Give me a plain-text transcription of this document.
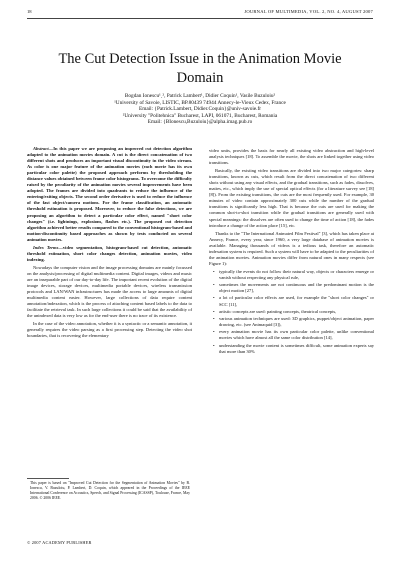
18	JOURNAL OF MULTIMEDIA, VOL. 2, NO. 4, AUGUST 2007
The Cut Detection Issue in the Animation Movie
Domain
Bogdan Ionescu¹ˎ², Patrick Lambert¹, Didier Coquin¹, Vasile Buzuloiu²
¹University of Savoie, LISTIC, BP.80439 74944 Annecy-le-Vieux Cedex, France
Email: {Patrick.Lambert, Didier.Coquin}@univ-savoie.fr
²University "Politehnica" Bucharest, LAPI, 061071, Bucharest, Romania
Email: {BIonescu,Buzuloiu}@alpha.imag.pub.ro

Abstract—In this paper we are proposing an improved cut detection algorithm adapted to the animation movies domain. A cut is the direct concatenation of two different shots and produces an important visual discontinuity in the video stream. As color is one major feature of the animation movies (each movie has its own particular color palette) the proposed approach performs by thresholding the distance values obtained between frame color histograms. To overcome the difficulty raised by the peculiarity of the animation movies several improvements have been adopted. The frames are divided into quadrants to reduce the influence of the entering/exiting objects. The second order derivative is used to reduce the influence of the fast object/camera motions. For the frame classification, an automatic threshold estimation is proposed. Moreover, to reduce the false detections, we are proposing an algorithm to detect a particular color effect, named "short color changes" (i.e. lightnings, explosions, flashes etc.). The proposed cut detection algorithm achieved better results compared to the conventional histogram-based and motion-discontinuity based approaches as shown by tests conducted on several animation movies.

Index Terms—video segmentation, histogram-based cut detection, automatic threshold estimation, short color changes detection, animation movies, video indexing.

Nowadays the computer vision and the image processing domains are mainly focussed on the analysis/processing of digital multimedia content. Digital images, videos and music are an inseparable part of our day-to-day life. The important recent evolution of the digital image devices, storage devices, multimedia portable devices, wireless transmission protocols and LAN/WAN infrastructures has made the access to large amounts of digital multimedia content easier. However, large collections of data require content annotation/indexation, which is the process of attaching content based labels to the data to facilitate the retrieval task. In such large collections it could be said that the availability of the unindexed data is very low as for the end-user there is no trace of its existence.

In the case of the video annotation, whether it is a syntactic or a semantic annotation, it generally requires the video parsing as a first processing step. Detecting the video shot boundaries, that is recovering the elementary

This paper is based on "Improved Cut Detection for the Segmentation of Animation Movies" by B. Ionescu, V. Buzuloiu, P. Lambert, D. Coquin, which appeared in the Proceedings of the IEEE International Conference on Acoustics, Speech, and Signal Processing (ICASSP), Toulouse, France, May 2006. © 2006 IEEE.
© 2007 ACADEMY PUBLISHER

video units, provides the basis for nearly all existing video abstraction and high-level analysis techniques [18]. To assemble the movie, the shots are linked together using video transitions.

Basically, the existing video transitions are divided into two major categories: sharp transitions, known as cuts, which result from the direct concatenation of two different shots without using any visual effects, and the gradual transitions, such as fades, dissolves, mattes, etc., which imply the use of special optical effects (for a literature survey see [18] [8]). From the existing transitions, the cuts are the most frequently used. For example, 30 minutes of video contain approximately 300 cuts while the number of the gradual transitions is significantly less high. That is because the cuts are used for making the common shot-to-shot transition while the gradual transitions are generally used with special meanings: the dissolves are often used to change the time of action [18], the fades introduce a change of the action place [15], etc.

Thanks to the "The International Animated Film Festival" [3], which has taken place at Annecy, France, every year, since 1960, a very large database of animation movies is available. Managing thousands of videos is a tedious task, therefore an automatic indexation system is required. Such a system will have to be adapted to the peculiarities of the animation movies. Animation movies differ from natural ones in many respects (see Figure 1):

• typically the events do not follow their natural way, objects or characters emerge or vanish without respecting any physical rule,
• sometimes the movements are not continuous and the predominant motion is the object motion [27],
• a lot of particular color effects are used, for example the "short color changes" or SCC [11],
• artistic concepts are used: painting concepts, theatrical concepts,
• various animation techniques are used: 3D graphics, puppet/object animation, paper drawing, etc. (see Animaquid [3]),
• every animation movie has its own particular color palette, unlike conventional movies which have almost all the same color distribution [14],
• understanding the movie content is sometimes difficult, some animation experts say that more than 30%
